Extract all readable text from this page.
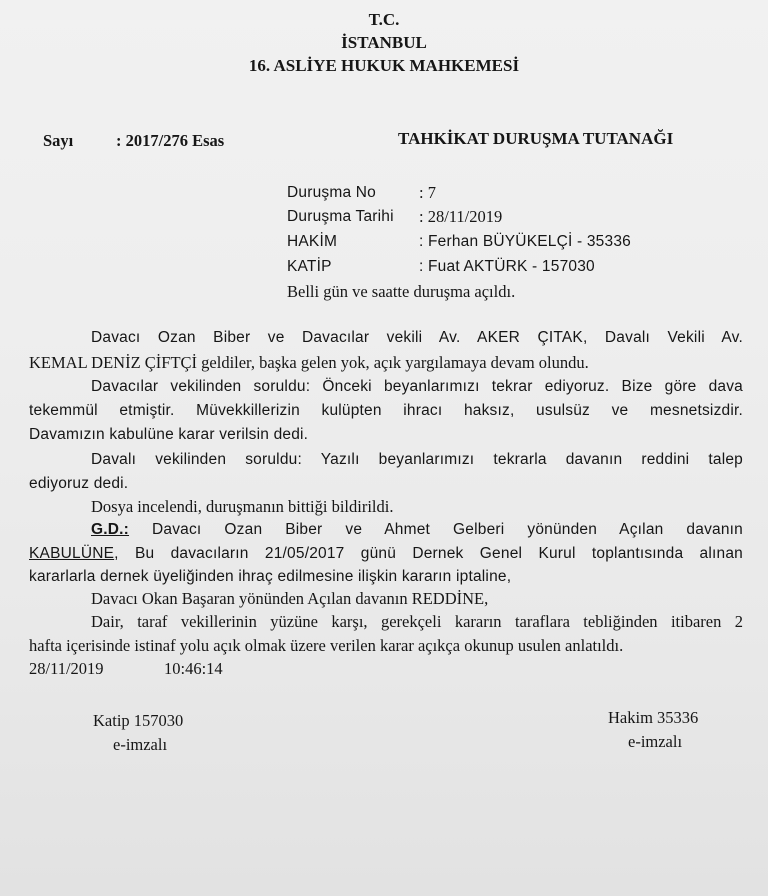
T.C.
İSTANBUL
16. ASLİYE HUKUK MAHKEMESİ
Sayı	: 2017/276 Esas	TAHKİKAT DURUŞMA TUTANAĞI
Duruşma No	: 7
Duruşma Tarihi : 28/11/2019
HAKİM	: Ferhan BÜYÜKELÇİ - 35336
KATİP	: Fuat AKTÜRK - 157030
Belli gün ve saatte duruşma açıldı.
Davacı Ozan Biber ve Davacılar vekili Av. AKER ÇITAK, Davalı Vekili Av.
KEMAL DENİZ ÇİFTÇİ geldiler, başka gelen yok, açık yargılamaya devam olundu.
Davacılar vekilinden soruldu: Önceki beyanlarımızı tekrar ediyoruz. Bize göre dava
tekemmül etmiştir. Müvekkillerizin kulüpten ihracı haksız, usulsüz ve mesnetsizdir.
Davamızın kabulüne karar verilsin dedi.
Davalı vekilinden soruldu: Yazılı beyanlarımızı tekrarla davanın reddini talep
ediyoruz dedi.
Dosya incelendi, duruşmanın bittiği bildirildi.
G.D.: Davacı Ozan Biber ve Ahmet Gelberi yönünden Açılan davanın
KABULÜNE, Bu davacıların 21/05/2017 günü Dernek Genel Kurul toplantısında alınan
kararlarla dernek üyeliğinden ihraç edilmesine ilişkin kararın iptaline,
Davacı Okan Başaran yönünden Açılan davanın REDDİNE,
Dair, taraf vekillerinin yüzüne karşı, gerekçeli kararın taraflara tebliğinden itibaren 2
hafta içerisinde istinaf yolu açık olmak üzere verilen karar açıkça okunup usulen anlatıldı.
28/11/2019	10:46:14
Katip 157030
e-imzalı
Hakim 35336
e-imzalı
